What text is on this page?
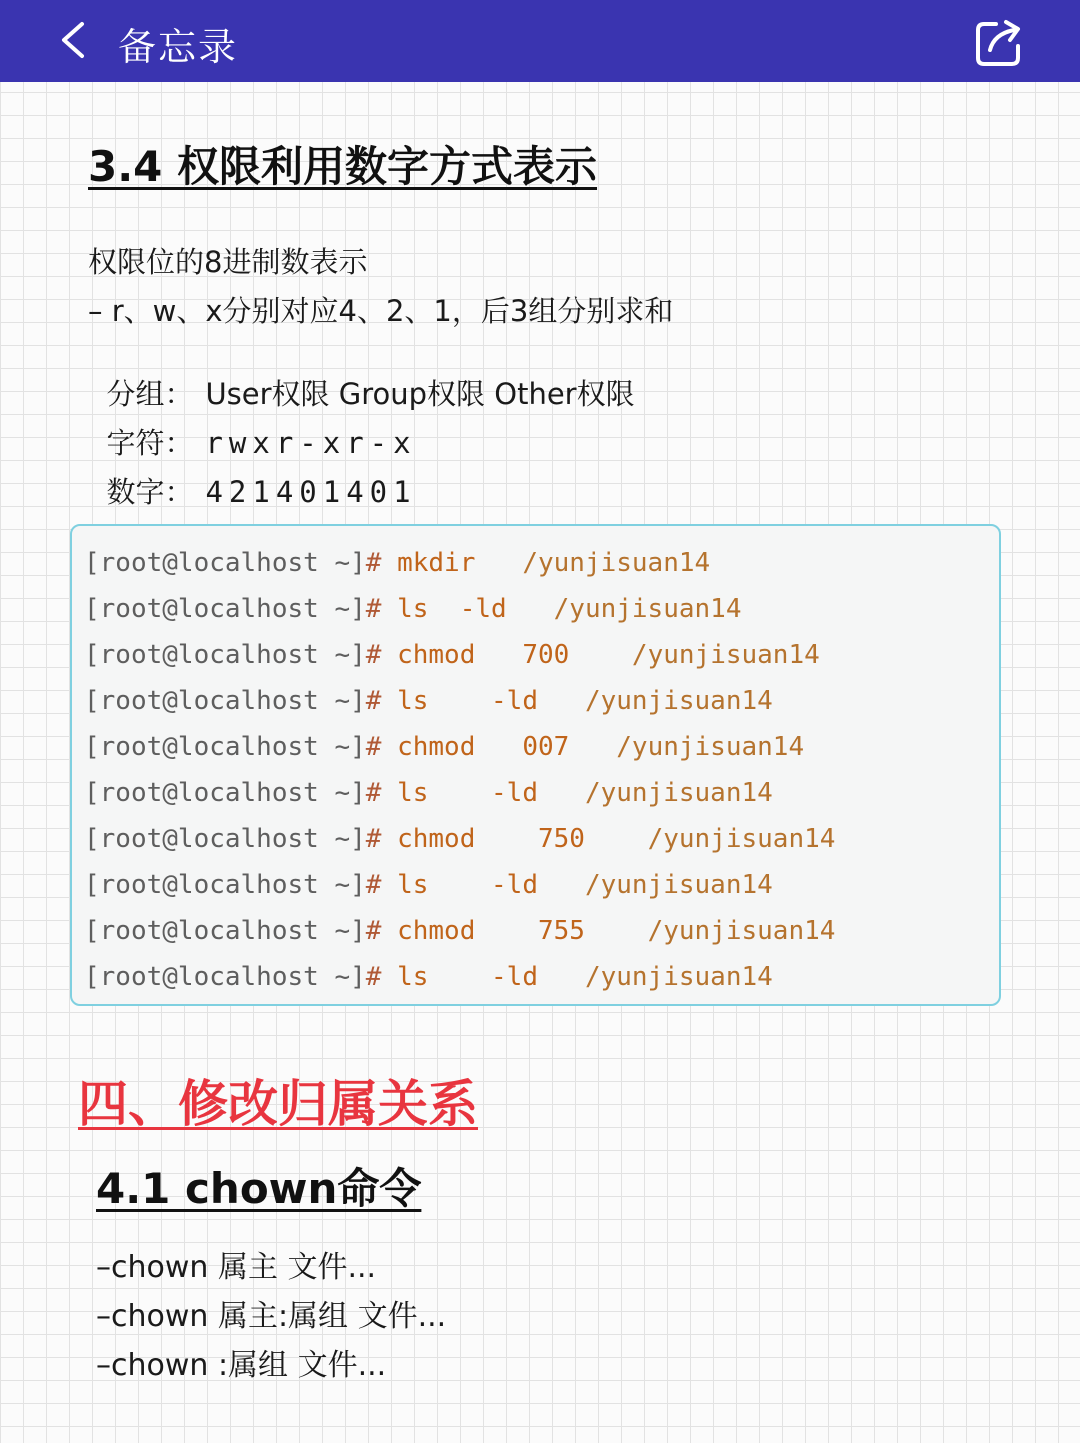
备忘录
3.4 权限利用数字方式表示
权限位的8进制数表示
– r、w、x分别对应4、2、1，后3组分别求和

分组： User权限 Group权限 Other权限

字符： rwxr-xr-x

数字： 421401401

[root@localhost ~]# mkdir /yunjisuan14
[root@localhost ~]# ls -ld /yunjisuan14
[root@localhost ~]# chmod 700 /yunjisuan14
[root@localhost ~]# ls -ld /yunjisuan14
[root@localhost ~]# chmod 007 /yunjisuan14
[root@localhost ~]# ls -ld /yunjisuan14
[root@localhost ~]# chmod 750 /yunjisuan14
[root@localhost ~]# ls -ld /yunjisuan14
[root@localhost ~]# chmod 755 /yunjisuan14
[root@localhost ~]# ls -ld /yunjisuan14
四、修改归属关系
4.1 chown命令
–chown 属主 文件...
–chown 属主:属组 文件...
–chown :属组 文件...
